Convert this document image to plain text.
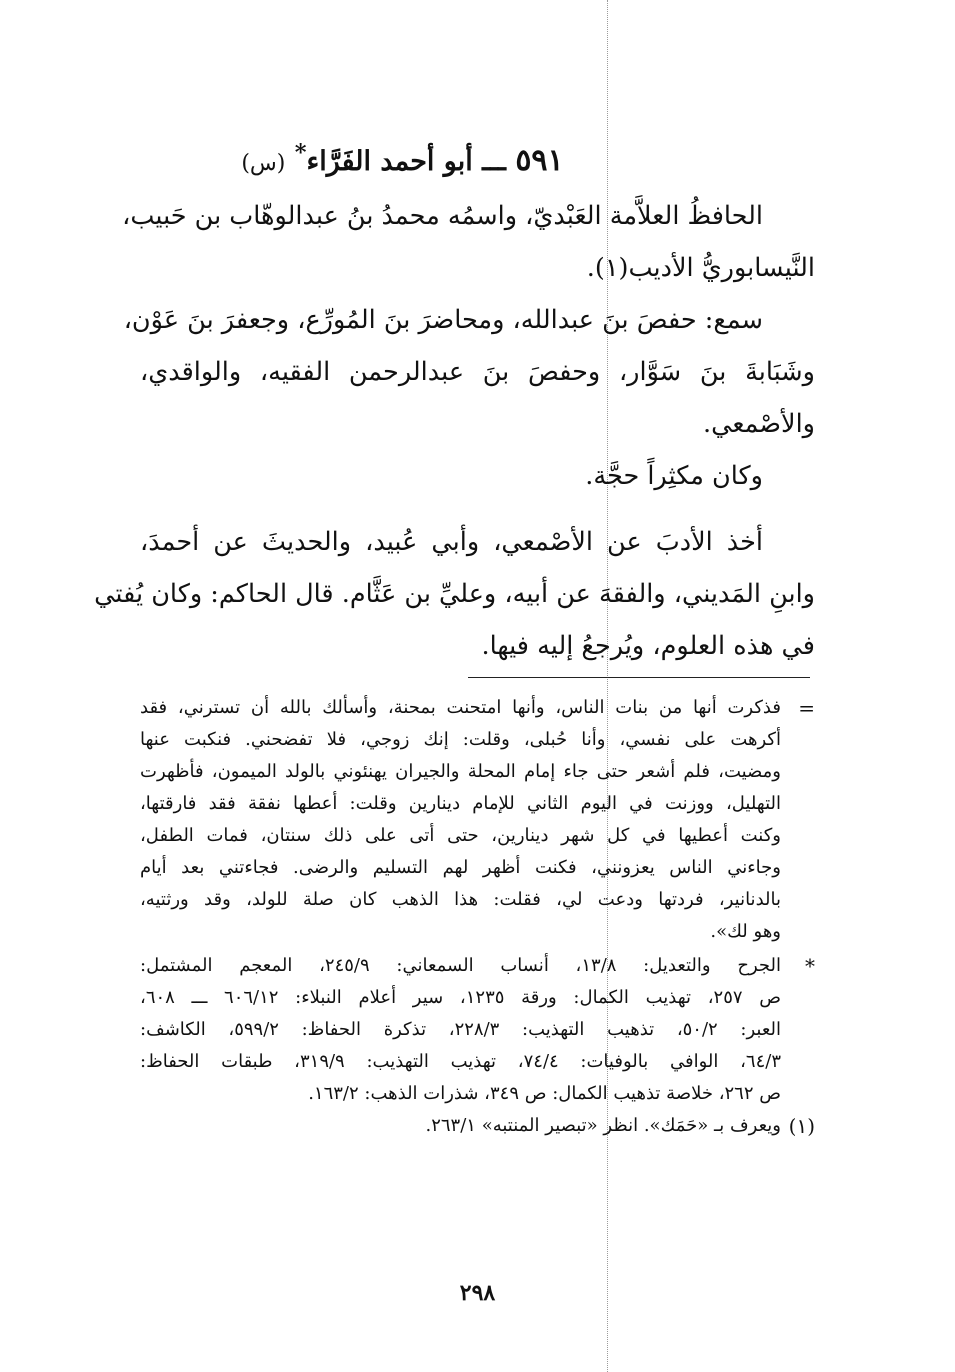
٥٩١ ـــ أبو أحمد الفَرَّاء* (س)
الحافظُ العلاَّمة العَبْديّ، واسمُه محمدُ بنُ عبدالوهّاب بن حَبيب،
النَّيسابوريُّ الأديب(١).
سمع: حفصَ بنَ عبدالله، ومحاضرَ بنَ المُورِّع، وجعفرَ بنَ عَوْن،
وشَبَابةَ بنَ سَوَّار، وحفصَ بنَ عبدالرحمن الفقيه، والواقدي،
والأصْمعي.
وكان مكثِراً حجَّة.
أخذ الأدبَ عن الأصْمعي، وأبي عُبيد، والحديثَ عن أحمدَ،
وابنِ المَديني، والفقهَ عن أبيه، وعليِّ بن عَثَّام. قال الحاكم: وكان يُفتي
في هذه العلوم، ويُرجعُ إليه فيها.
=
فذكرت أنها من بنات الناس، وأنها امتحنت بمحنة، وأسألك بالله أن تسترني، فقد
أكرهت على نفسي، وأنا حُبلى، وقلت: إنك زوجي، فلا تفضحني. فنكبت عنها
ومضيت، فلم أشعر حتى جاء إمام المحلة والجيران يهنئوني بالولد الميمون، فأظهرت
التهليل، ووزنت في اليوم الثاني للإمام دينارين وقلت: أعطها نفقة فقد فارقتها،
وكنت أعطيها في كل شهر دينارين، حتى أتى على ذلك سنتان، فمات الطفل،
وجاءني الناس يعزونني، فكنت أظهر لهم التسليم والرضى. فجاءتني بعد أيام
بالدنانير، فردتها ودعت لي، فقلت: هذا الذهب كان صلة للولد، وقد ورثتيه،
وهو لك».
*
الجرح والتعديل: ١٣/٨، أنساب السمعاني: ٢٤٥/٩، المعجم المشتمل:
ص ٢٥٧، تهذيب الكمال: ورقة ١٢٣٥، سير أعلام النبلاء: ٦٠٦/١٢ ـــ ٦٠٨،
العبر: ٥٠/٢، تذهيب التهذيب: ٢٢٨/٣، تذكرة الحفاظ: ٥٩٩/٢، الكاشف:
٦٤/٣، الوافي بالوفيات: ٧٤/٤، تهذيب التهذيب: ٣١٩/٩، طبقات الحفاظ:
ص ٢٦٢، خلاصة تذهيب الكمال: ص ٣٤٩، شذرات الذهب: ١٦٣/٢.
(١)
ويعرف بـ «حَمَك». انظر «تبصير المنتبه» ٢٦٣/١.
٢٩٨
